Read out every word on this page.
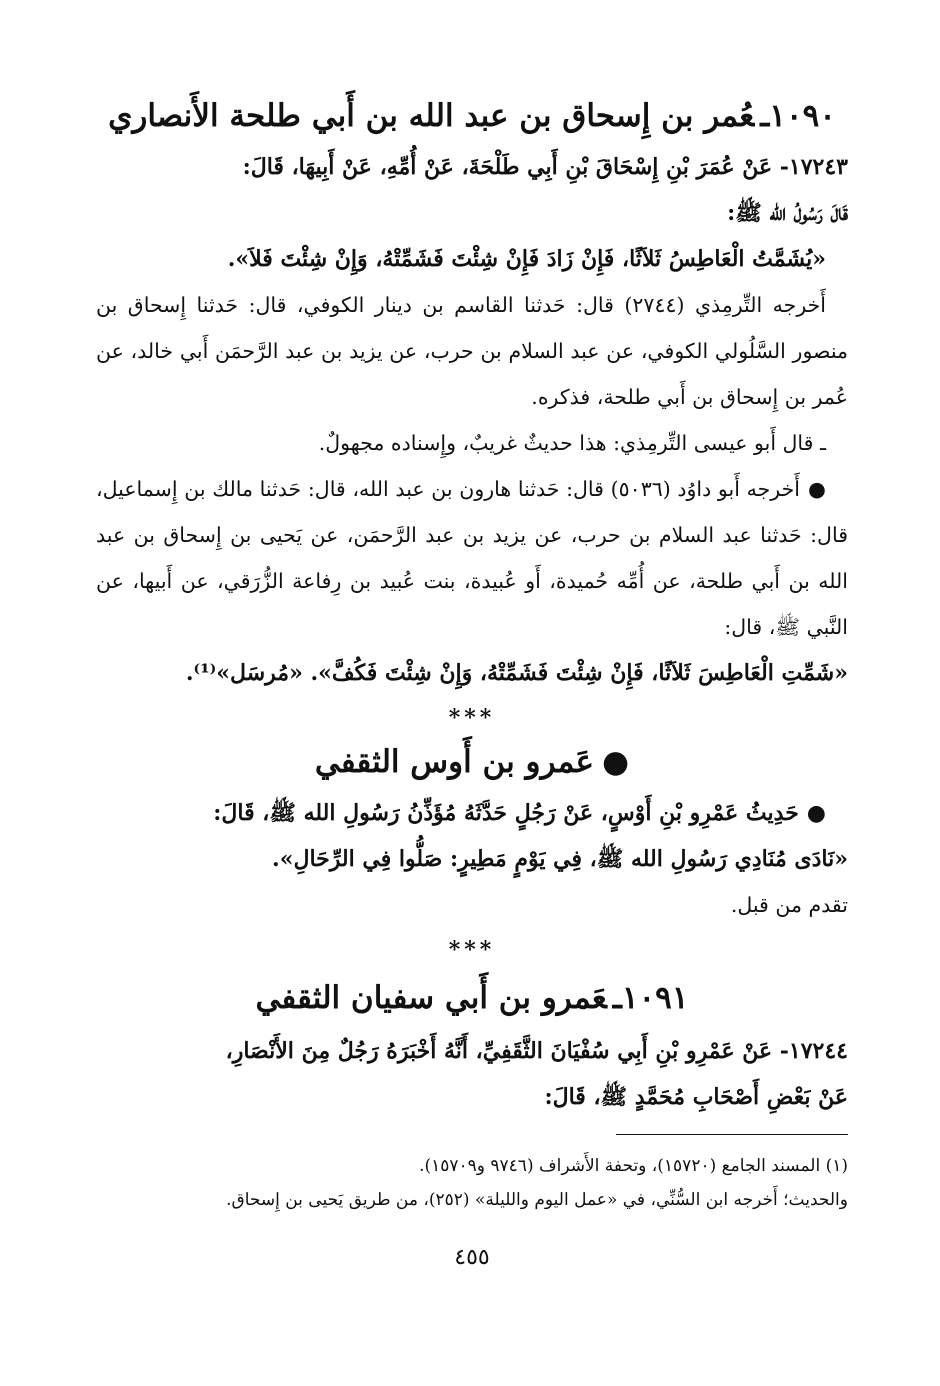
١٠٩٠ـعُمر بن إِسحاق بن عبد الله بن أَبي طلحة الأَنصاري

١٧٢٤٣- عَنْ عُمَرَ بْنِ إِسْحَاقَ بْنِ أَبِي طَلْحَةَ، عَنْ أُمِّهِ، عَنْ أَبِيهَا، قَالَ:

قَالَ رَسُولُ الله ﷺ:

«يُشَمَّتُ الْعَاطِسُ ثَلاَثًا، فَإِنْ زَادَ فَإِنْ شِئْتَ فَشَمِّتْهُ، وَإِنْ شِئْتَ فَلاَ».

أَخرجه التِّرمِذي (٢٧٤٤) قال: حَدثنا القاسم بن دينار الكوفي، قال: حَدثنا إِسحاق بن منصور السَّلُولي الكوفي، عن عبد السلام بن حرب، عن يزيد بن عبد الرَّحمَن أَبي خالد، عن عُمر بن إِسحاق بن أَبي طلحة، فذكره.

ـ قال أَبو عيسى التِّرمِذي: هذا حديثٌ غريبٌ، وإِسناده مجهولٌ.

●أَخرجه أَبو داوُد (٥٠٣٦) قال: حَدثنا هارون بن عبد الله، قال: حَدثنا مالك بن إِسماعيل، قال: حَدثنا عبد السلام بن حرب، عن يزيد بن عبد الرَّحمَن، عن يَحيى بن إِسحاق بن عبد الله بن أَبي طلحة، عن أُمِّه حُميدة، أَو عُبيدة، بنت عُبيد بن رِفاعة الزُّرَقي، عن أَبيها، عن النَّبي ﷺ، قال:

«شَمِّتِ الْعَاطِسَ ثَلاَثًا، فَإِنْ شِئْتَ فَشَمِّتْهُ، وَإِنْ شِئْتَ فَكُفَّ». «مُرسَل»⁽¹⁾.

***
●عَمرو بن أَوس الثقفي

●حَدِيثُ عَمْرِو بْنِ أَوْسٍ، عَنْ رَجُلٍ حَدَّثَهُ مُؤَذِّنُ رَسُولِ الله ﷺ، قَالَ:

«نَادَى مُنَادِي رَسُولِ الله ﷺ، فِي يَوْمٍ مَطِيرٍ: صَلُّوا فِي الرِّحَالِ».

تقدم من قبل.

***
١٠٩١ـعَمرو بن أَبي سفيان الثقفي

١٧٢٤٤- عَنْ عَمْرِو بْنِ أَبِي سُفْيَانَ الثَّقَفِيِّ، أَنَّهُ أَخْبَرَهُ رَجُلٌ مِنَ الأَنْصَارِ،

عَنْ بَعْضِ أَصْحَابِ مُحَمَّدٍ ﷺ، قَالَ:

(١) المسند الجامع (١٥٧٢٠)، وتحفة الأَشراف (٩٧٤٦ و١٥٧٠٩).

والحديث؛ أَخرجه ابن السُّنِّي، في «عمل اليوم والليلة» (٢٥٢)، من طريق يَحيى بن إِسحاق.

٤٥٥
